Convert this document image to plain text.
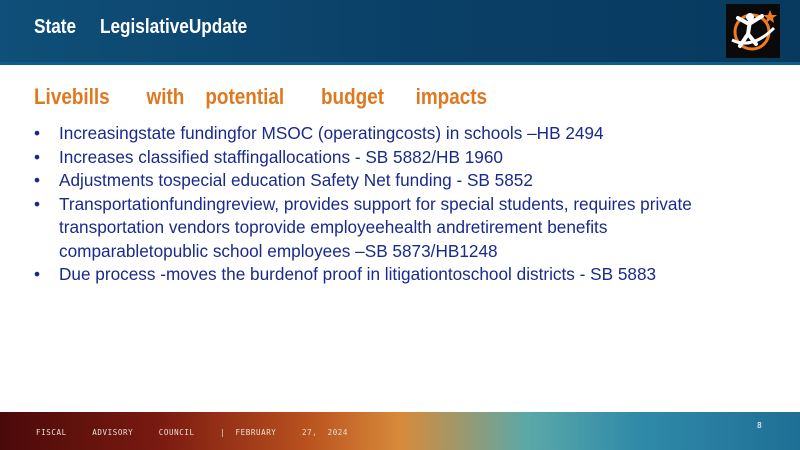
State     LegislativeUpdate
Livebills       with    potential       budget      impacts
• Increasingstate fundingfor MSOC (operatingcosts) in schools –HB 2494
• Increases classified staffingallocations - SB 5882/HB 1960
• Adjustments tospecial education Safety Net funding - SB 5852
• Transportationfundingreview, provides support for special students, requires private transportation vendors toprovide employeehealth andretirement benefits comparabletopublic school employees –SB 5873/HB1248
• Due process -moves the burdenof proof in litigationtoschool districts - SB 5883
FISCAL     ADVISORY     COUNCIL     |  FEBRUARY     27,  2024
8
